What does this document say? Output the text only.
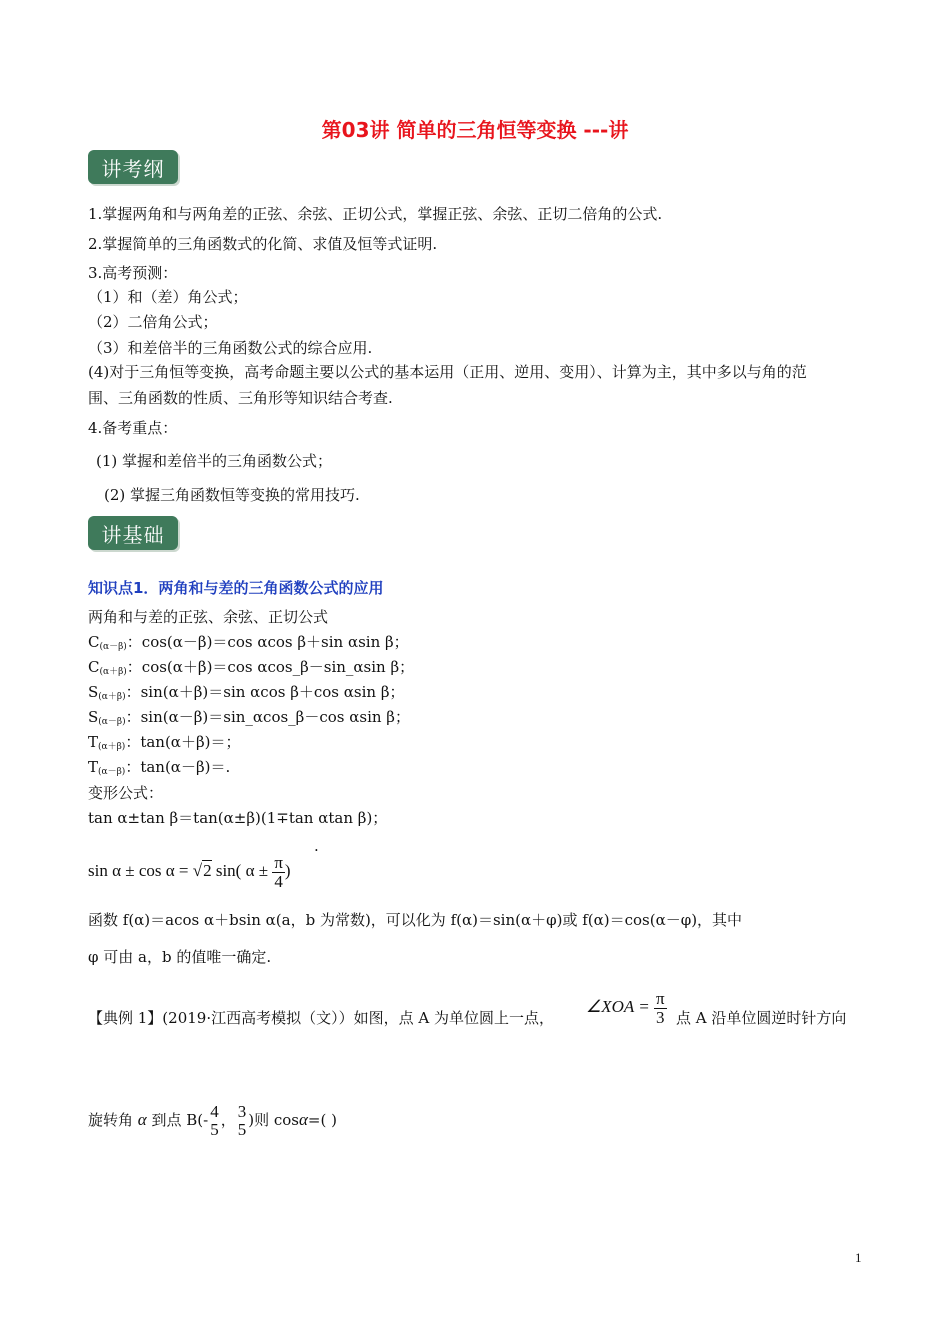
第03讲 简单的三角恒等变换 ---讲
讲考纲
1.掌握两角和与两角差的正弦、余弦、正切公式，掌握正弦、余弦、正切二倍角的公式.
2.掌握简单的三角函数式的化简、求值及恒等式证明.
3.高考预测：
（1）和（差）角公式；
（2）二倍角公式；
（3）和差倍半的三角函数公式的综合应用.
(4)对于三角恒等变换，高考命题主要以公式的基本运用（正用、逆用、变用）、计算为主，其中多以与角的范
围、三角函数的性质、三角形等知识结合考查.
4.备考重点：
(1) 掌握和差倍半的三角函数公式；
(2) 掌握三角函数恒等变换的常用技巧.
讲基础
知识点1．两角和与差的三角函数公式的应用
两角和与差的正弦、余弦、正切公式
$C_{(\alpha-\beta)}$：cos(α－β)＝cos αcos β＋sin αsin β；
$C_{(\alpha+\beta)}$：cos(α＋β)＝cos αcos_β－sin_αsin β；
$S_{(\alpha+\beta)}$：sin(α＋β)＝sin αcos β＋cos αsin β；
$S_{(\alpha-\beta)}$：sin(α－β)＝sin_αcos_β－cos αsin β；
$T_{(\alpha+\beta)}$：tan(α＋β)＝；
$T_{(\alpha-\beta)}$：tan(α－β)＝.
变形公式：
tan α±tan β＝tan(α±β)(1∓tan αtan β)；
.
sin α ± cos α = √2 sin( $\alpha \pm \frac{\pi}{4}$ )
函数 f(α)＝acos α＋bsin α(a，b 为常数)，可以化为 f(α)＝sin(α＋φ)或 f(α)＝cos(α－φ)，其中
φ 可由 a，b 的值唯一确定.
【典例 1】(2019·江西高考模拟（文））如图，点 A 为单位圆上一点，
∠XOA = $\frac{\pi}{3}$ 点 A 沿单位圆逆时针方向
旋转角 α 到点 B(- 4
5 ， 3
5 )则 cosα=( )
1
